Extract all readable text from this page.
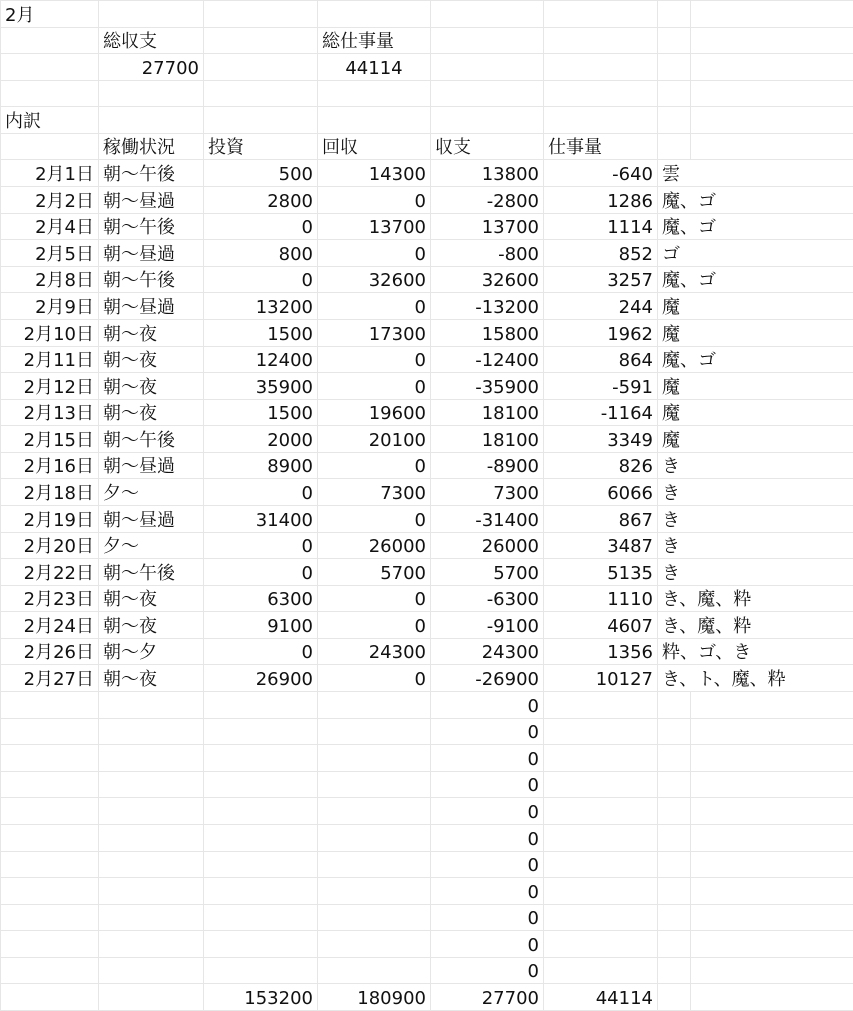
2月							
	総収支		総仕事量				
	27700		44114				

内訳							
	稼働状況	投資	回収	収支	仕事量		
2月1日	朝〜午後	500	14300	13800	-640	雲	
2月2日	朝〜昼過	2800	0	-2800	1286	魔、ゴ	
2月4日	朝〜午後	0	13700	13700	1114	魔、ゴ	
2月5日	朝〜昼過	800	0	-800	852	ゴ	
2月8日	朝〜午後	0	32600	32600	3257	魔、ゴ	
2月9日	朝〜昼過	13200	0	-13200	244	魔	
2月10日	朝〜夜	1500	17300	15800	1962	魔	
2月11日	朝〜夜	12400	0	-12400	864	魔、ゴ	
2月12日	朝〜夜	35900	0	-35900	-591	魔	
2月13日	朝〜夜	1500	19600	18100	-1164	魔	
2月15日	朝〜午後	2000	20100	18100	3349	魔	
2月16日	朝〜昼過	8900	0	-8900	826	き	
2月18日	夕〜	0	7300	7300	6066	き	
2月19日	朝〜昼過	31400	0	-31400	867	き	
2月20日	夕〜	0	26000	26000	3487	き	
2月22日	朝〜午後	0	5700	5700	5135	き	
2月23日	朝〜夜	6300	0	-6300	1110	き、魔、粋	
2月24日	朝〜夜	9100	0	-9100	4607	き、魔、粋	
2月26日	朝〜夕	0	24300	24300	1356	粋、ゴ、き	
2月27日	朝〜夜	26900	0	-26900	10127	き、ト、魔、粋	
				0			
				0			
				0			
				0			
				0			
				0			
				0			
				0			
				0			
				0			
				0			
		153200	180900	27700	44114		
